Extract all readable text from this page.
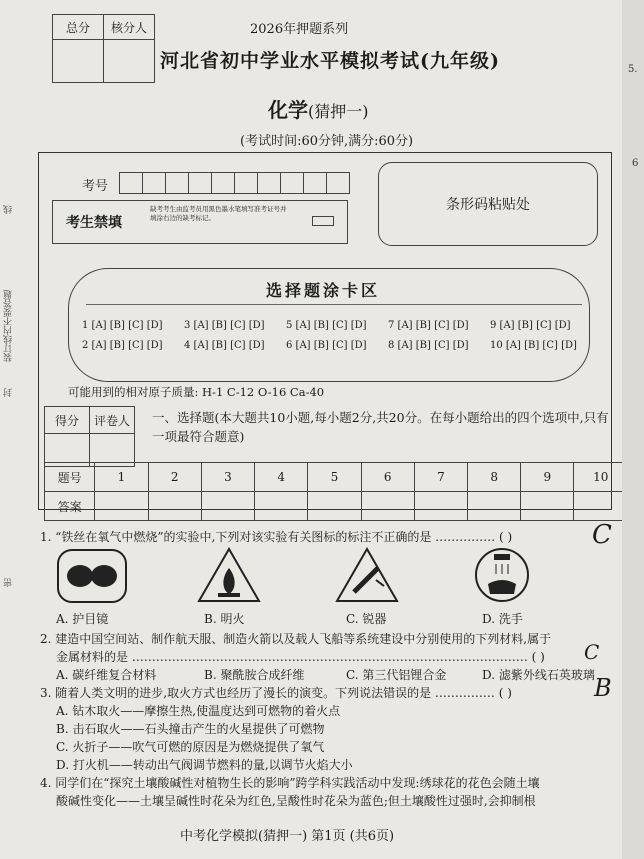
线
装订线内不要答题
封
密
总分	核分人
		2026年押题系列
河北省初中学业水平模拟考试(九年级)
化学(猜押一)
(考试时间:60分钟,满分:60分)
考号
考生禁填
缺考考生由监考员用黑色墨水笔填写准考证号并填涂右边的缺考标记。
条形码粘贴处
选择题涂卡区
1 [A] [B] [C] [D]	3 [A] [B] [C] [D]	5 [A] [B] [C] [D]	7 [A] [B] [C] [D]	9 [A] [B] [C] [D]
2 [A] [B] [C] [D]	4 [A] [B] [C] [D]	6 [A] [B] [C] [D]	8 [A] [B] [C] [D]	10 [A] [B] [C] [D]
可能用到的相对原子质量: H-1 C-12 O-16 Ca-40
得分	评卷人
	一、选择题(本大题共10小题,每小题2分,共20分。在每小题给出的四个选项中,只有一项最符合题意)
题号	1	2	3	4	5	6	7	8	9	10
答案										
1. “铁丝在氧气中燃烧”的实验中,下列对该实验有关图标的标注不正确的是 …………… ( )
A. 护目镜	B. 明火	C. 锐器	D. 洗手
2. 建造中国空间站、制作航天服、制造火箭以及载人飞船等系统建设中分别使用的下列材料,属于
金属材料的是 ……………………………………………………………………………………… ( )
A. 碳纤维复合材料	B. 聚酰胺合成纤维	C. 第三代铝锂合金	D. 滤紫外线石英玻璃
3. 随着人类文明的进步,取火方式也经历了漫长的演变。下列说法错误的是 …………… ( )
A. 钻木取火——摩擦生热,使温度达到可燃物的着火点
B. 击石取火——石头撞击产生的火星提供了可燃物
C. 火折子——吹气可燃的原因是为燃烧提供了氧气
D. 打火机——转动出气阀调节燃料的量,以调节火焰大小
4. 同学们在“探究土壤酸碱性对植物生长的影响”跨学科实践活动中发现:绣球花的花色会随土壤
酸碱性变化——土壤呈碱性时花朵为红色,呈酸性时花朵为蓝色;但土壤酸性过强时,会抑制根
中考化学模拟(猜押一) 第1页 (共6页)
C
C
B
5.
6
